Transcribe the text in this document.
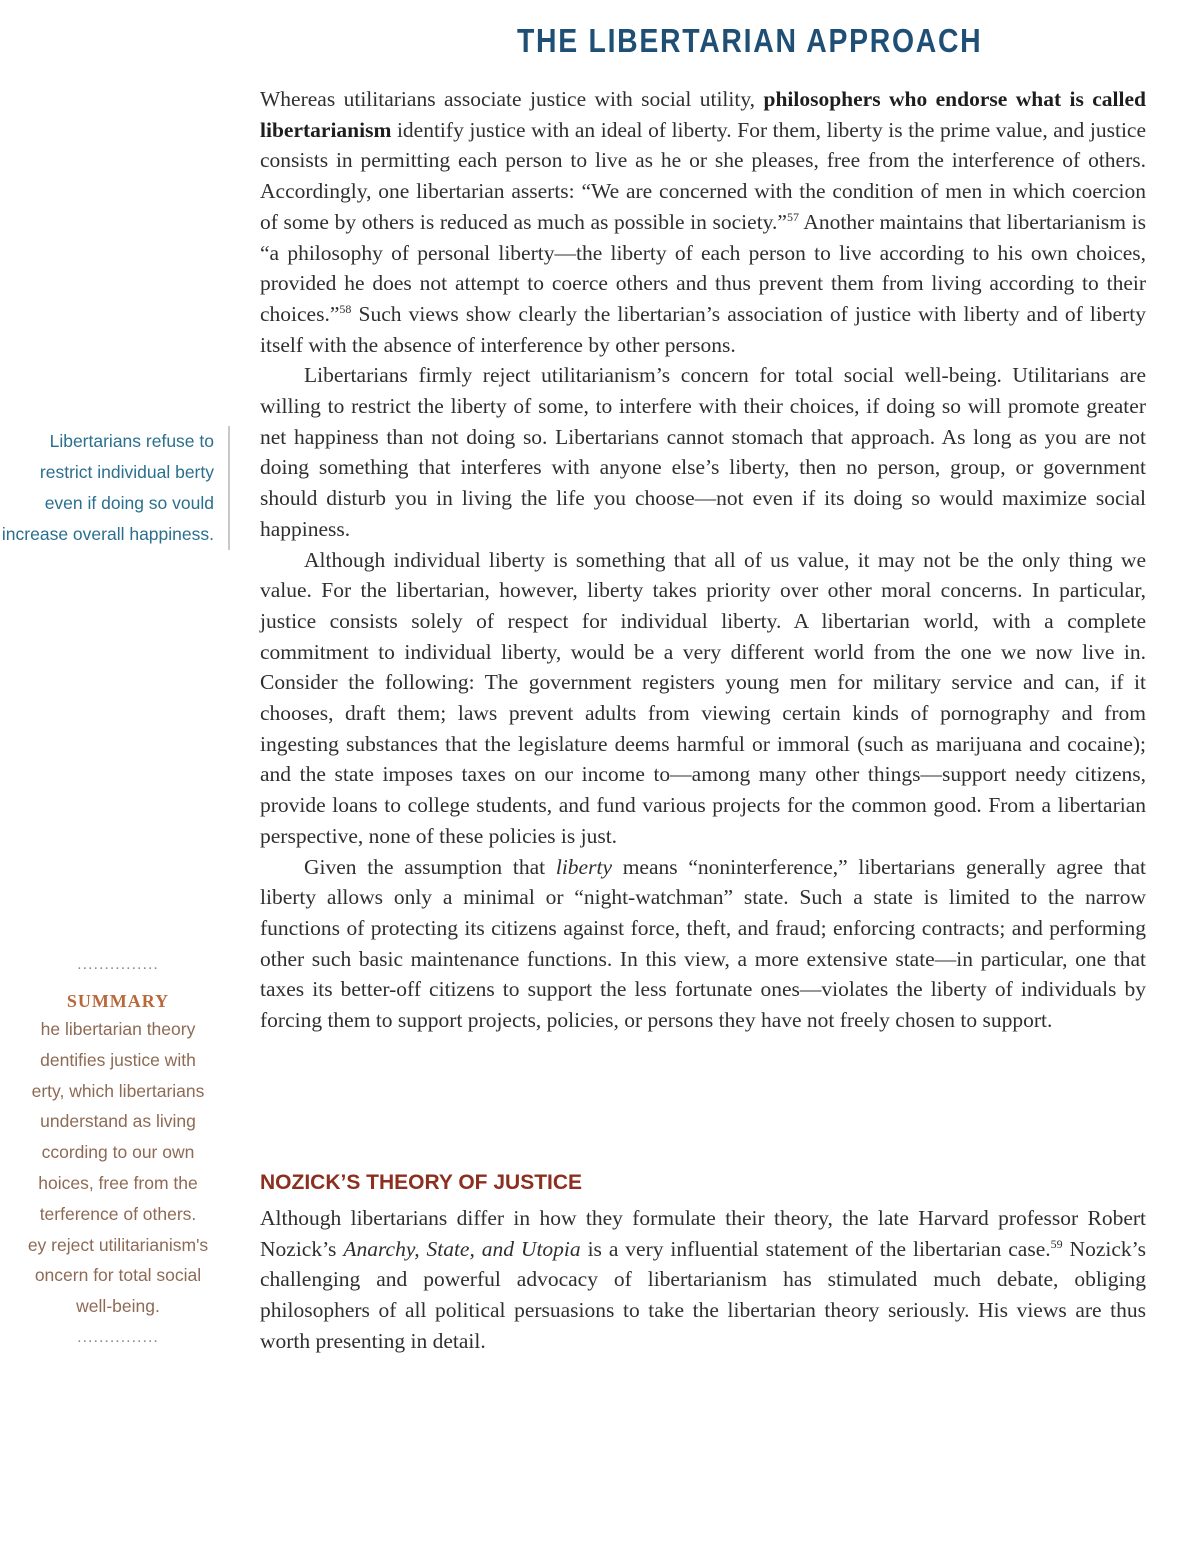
THE LIBERTARIAN APPROACH
Libertarians refuse to restrict individual berty even if doing so vould increase overall happiness.
...............
SUMMARY
he libertarian theory
dentifies justice with
erty, which libertarians
understand as living
ccording to our own
hoices, free from the
terference of others.
ey reject utilitarianism's
oncern for total social
well-being.
...............

Whereas utilitarians associate justice with social utility, philosophers who endorse what is called libertarianism identify justice with an ideal of liberty. For them, liberty is the prime value, and justice consists in permitting each person to live as he or she pleases, free from the interference of others. Accordingly, one libertarian asserts: “We are concerned with the condition of men in which coercion of some by others is reduced as much as possible in society.”$^{57}$ Another maintains that libertarianism is “a philosophy of personal liberty—the liberty of each person to live according to his own choices, provided he does not attempt to coerce others and thus prevent them from living according to their choices.”$^{58}$ Such views show clearly the libertarian’s association of justice with liberty and of liberty itself with the absence of interference by other persons.

Libertarians firmly reject utilitarianism’s concern for total social well-being. Utilitarians are willing to restrict the liberty of some, to interfere with their choices, if doing so will promote greater net happiness than not doing so. Libertarians cannot stomach that approach. As long as you are not doing something that interferes with anyone else’s liberty, then no person, group, or government should disturb you in living the life you choose—not even if its doing so would maximize social happiness.

Although individual liberty is something that all of us value, it may not be the only thing we value. For the libertarian, however, liberty takes priority over other moral concerns. In particular, justice consists solely of respect for individual liberty. A libertarian world, with a complete commitment to individual liberty, would be a very different world from the one we now live in. Consider the following: The government registers young men for military service and can, if it chooses, draft them; laws prevent adults from viewing certain kinds of pornography and from ingesting substances that the legislature deems harmful or immoral (such as marijuana and cocaine); and the state imposes taxes on our income to—among many other things—support needy citizens, provide loans to college students, and fund various projects for the common good. From a libertarian perspective, none of these policies is just.

Given the assumption that liberty means “noninterference,” libertarians generally agree that liberty allows only a minimal or “night-watchman” state. Such a state is limited to the narrow functions of protecting its citizens against force, theft, and fraud; enforcing contracts; and performing other such basic maintenance functions. In this view, a more extensive state—in particular, one that taxes its better-off citizens to support the less fortunate ones—violates the liberty of individuals by forcing them to support projects, policies, or persons they have not freely chosen to support.

NOZICK’S THEORY OF JUSTICE

Although libertarians differ in how they formulate their theory, the late Harvard professor Robert Nozick’s Anarchy, State, and Utopia is a very influential statement of the libertarian case.$^{59}$ Nozick’s challenging and powerful advocacy of libertarianism has stimulated much debate, obliging philosophers of all political persuasions to take the libertarian theory seriously. His views are thus worth presenting in detail.
